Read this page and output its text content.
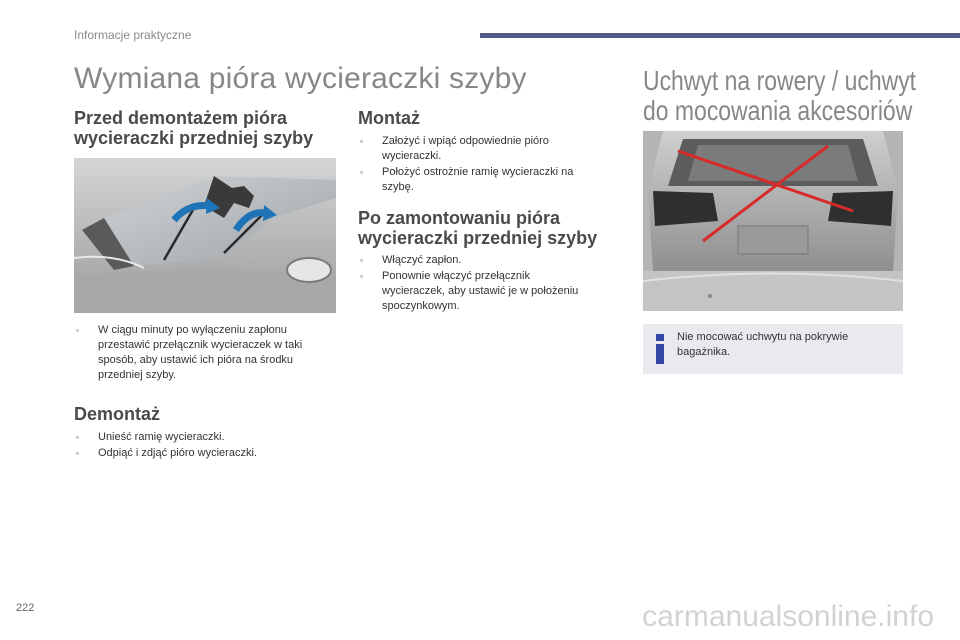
Informacje praktyczne
Wymiana pióra wycieraczki szyby
Przed demontażem pióra
wycieraczki przedniej szyby
▫ W ciągu minuty po wyłączeniu zapłonu
przestawić przełącznik wycieraczek w taki
sposób, aby ustawić ich pióra na środku
przedniej szyby.
Demontaż
▫ Unieść ramię wycieraczki.
▫ Odpiąć i zdjąć pióro wycieraczki.
Montaż
▫ Założyć i wpiąć odpowiednie pióro
wycieraczki.
▫ Położyć ostrożnie ramię wycieraczki na
szybę.
Po zamontowaniu pióra
wycieraczki przedniej szyby
▫ Włączyć zapłon.
▫ Ponownie włączyć przełącznik
wycieraczek, aby ustawić je w położeniu
spoczynkowym.
Uchwyt na rowery / uchwyt
do mocowania akcesoriów
Nie mocować uchwytu na pokrywie
bagażnika.
222	carmanualsonline.info
